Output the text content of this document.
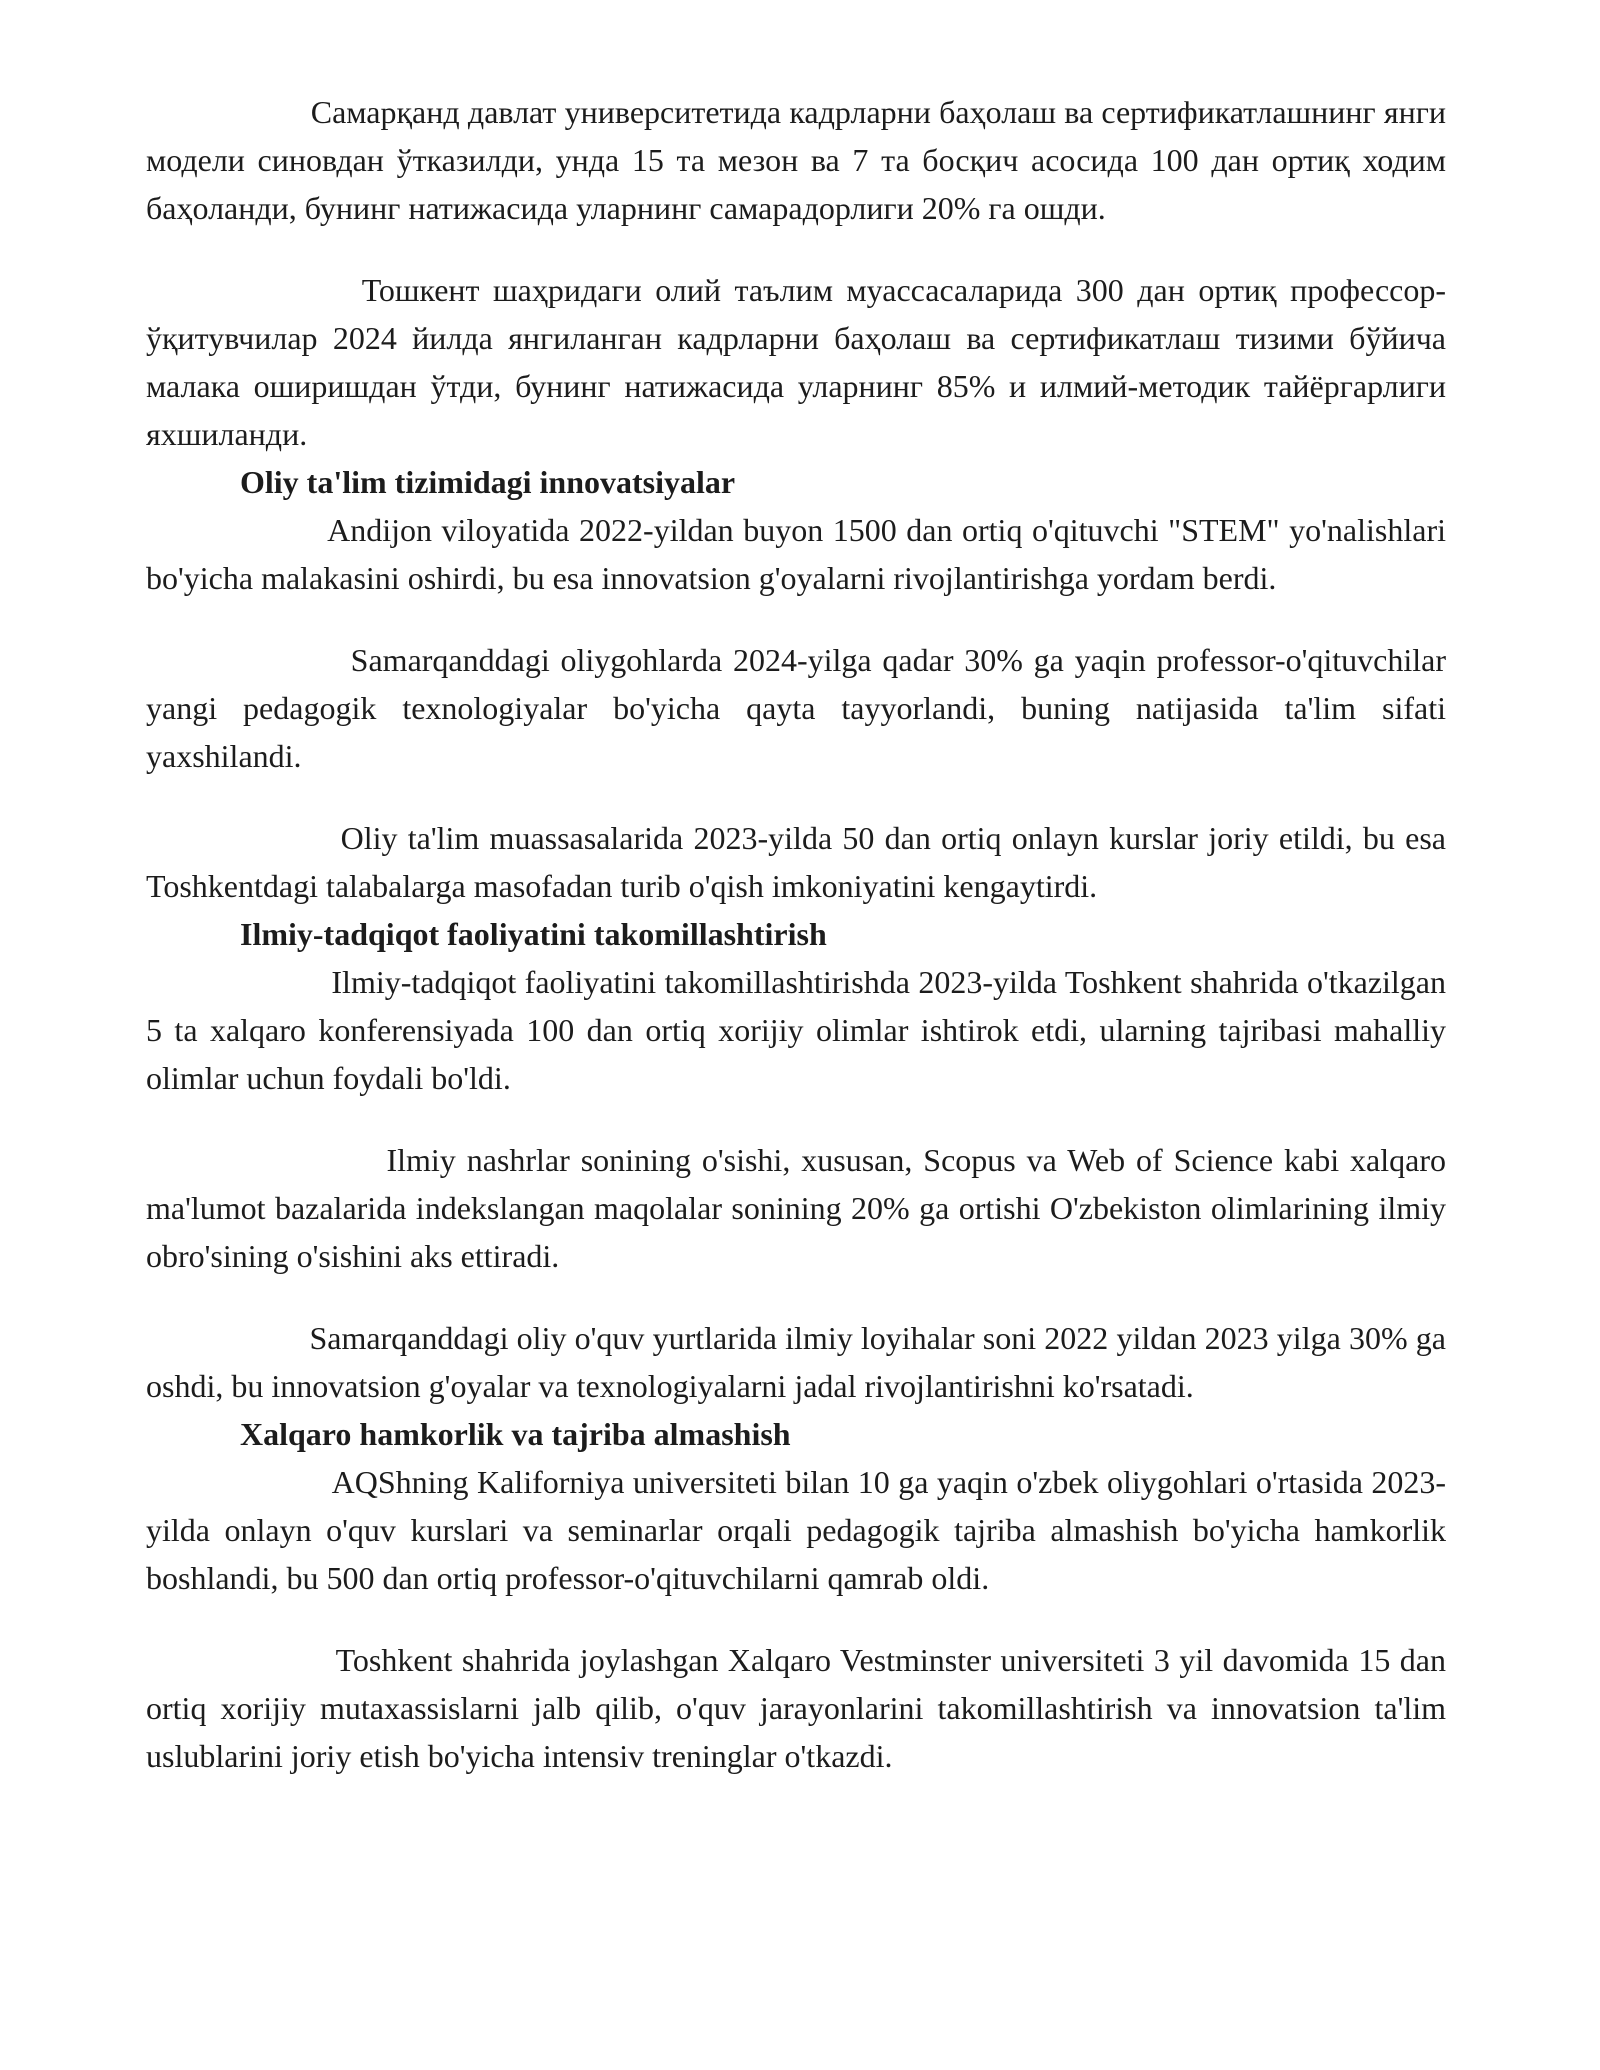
Самарқанд давлат университетида кадрларни баҳолаш ва сертификатлашнинг янги модели синовдан ўтказилди, унда 15 та мезон ва 7 та босқич асосида 100 дан ортиқ ходим баҳоланди, бунинг натижасида уларнинг самарадорлиги 20% га ошди.

Тошкент шаҳридаги олий таълим муассасаларида 300 дан ортиқ профессор-ўқитувчилар 2024 йилда янгиланган кадрларни баҳолаш ва сертификатлаш тизими бўйича малака оширишдан ўтди, бунинг натижасида уларнинг 85% и илмий-методик тайёргарлиги яхшиланди.

Oliy ta'lim tizimidagi innovatsiyalar

Andijon viloyatida 2022-yildan buyon 1500 dan ortiq o'qituvchi "STEM" yo'nalishlari bo'yicha malakasini oshirdi, bu esa innovatsion g'oyalarni rivojlantirishga yordam berdi.

Samarqanddagi oliygohlarda 2024-yilga qadar 30% ga yaqin professor-o'qituvchilar yangi pedagogik texnologiyalar bo'yicha qayta tayyorlandi, buning natijasida ta'lim sifati yaxshilandi.

Oliy ta'lim muassasalarida 2023-yilda 50 dan ortiq onlayn kurslar joriy etildi, bu esa Toshkentdagi talabalarga masofadan turib o'qish imkoniyatini kengaytirdi.

Ilmiy-tadqiqot faoliyatini takomillashtirish

Ilmiy-tadqiqot faoliyatini takomillashtirishda 2023-yilda Toshkent shahrida o'tkazilgan 5 ta xalqaro konferensiyada 100 dan ortiq xorijiy olimlar ishtirok etdi, ularning tajribasi mahalliy olimlar uchun foydali bo'ldi.

Ilmiy nashrlar sonining o'sishi, xususan, Scopus va Web of Science kabi xalqaro ma'lumot bazalarida indekslangan maqolalar sonining 20% ga ortishi O'zbekiston olimlarining ilmiy obro'sining o'sishini aks ettiradi.

Samarqanddagi oliy o'quv yurtlarida ilmiy loyihalar soni 2022 yildan 2023 yilga 30% ga oshdi, bu innovatsion g'oyalar va texnologiyalarni jadal rivojlantirishni ko'rsatadi.

Xalqaro hamkorlik va tajriba almashish

AQShning Kaliforniya universiteti bilan 10 ga yaqin o'zbek oliygohlari o'rtasida 2023-yilda onlayn o'quv kurslari va seminarlar orqali pedagogik tajriba almashish bo'yicha hamkorlik boshlandi, bu 500 dan ortiq professor-o'qituvchilarni qamrab oldi.

Toshkent shahrida joylashgan Xalqaro Vestminster universiteti 3 yil davomida 15 dan ortiq xorijiy mutaxassislarni jalb qilib, o'quv jarayonlarini takomillashtirish va innovatsion ta'lim uslublarini joriy etish bo'yicha intensiv treninglar o'tkazdi.
